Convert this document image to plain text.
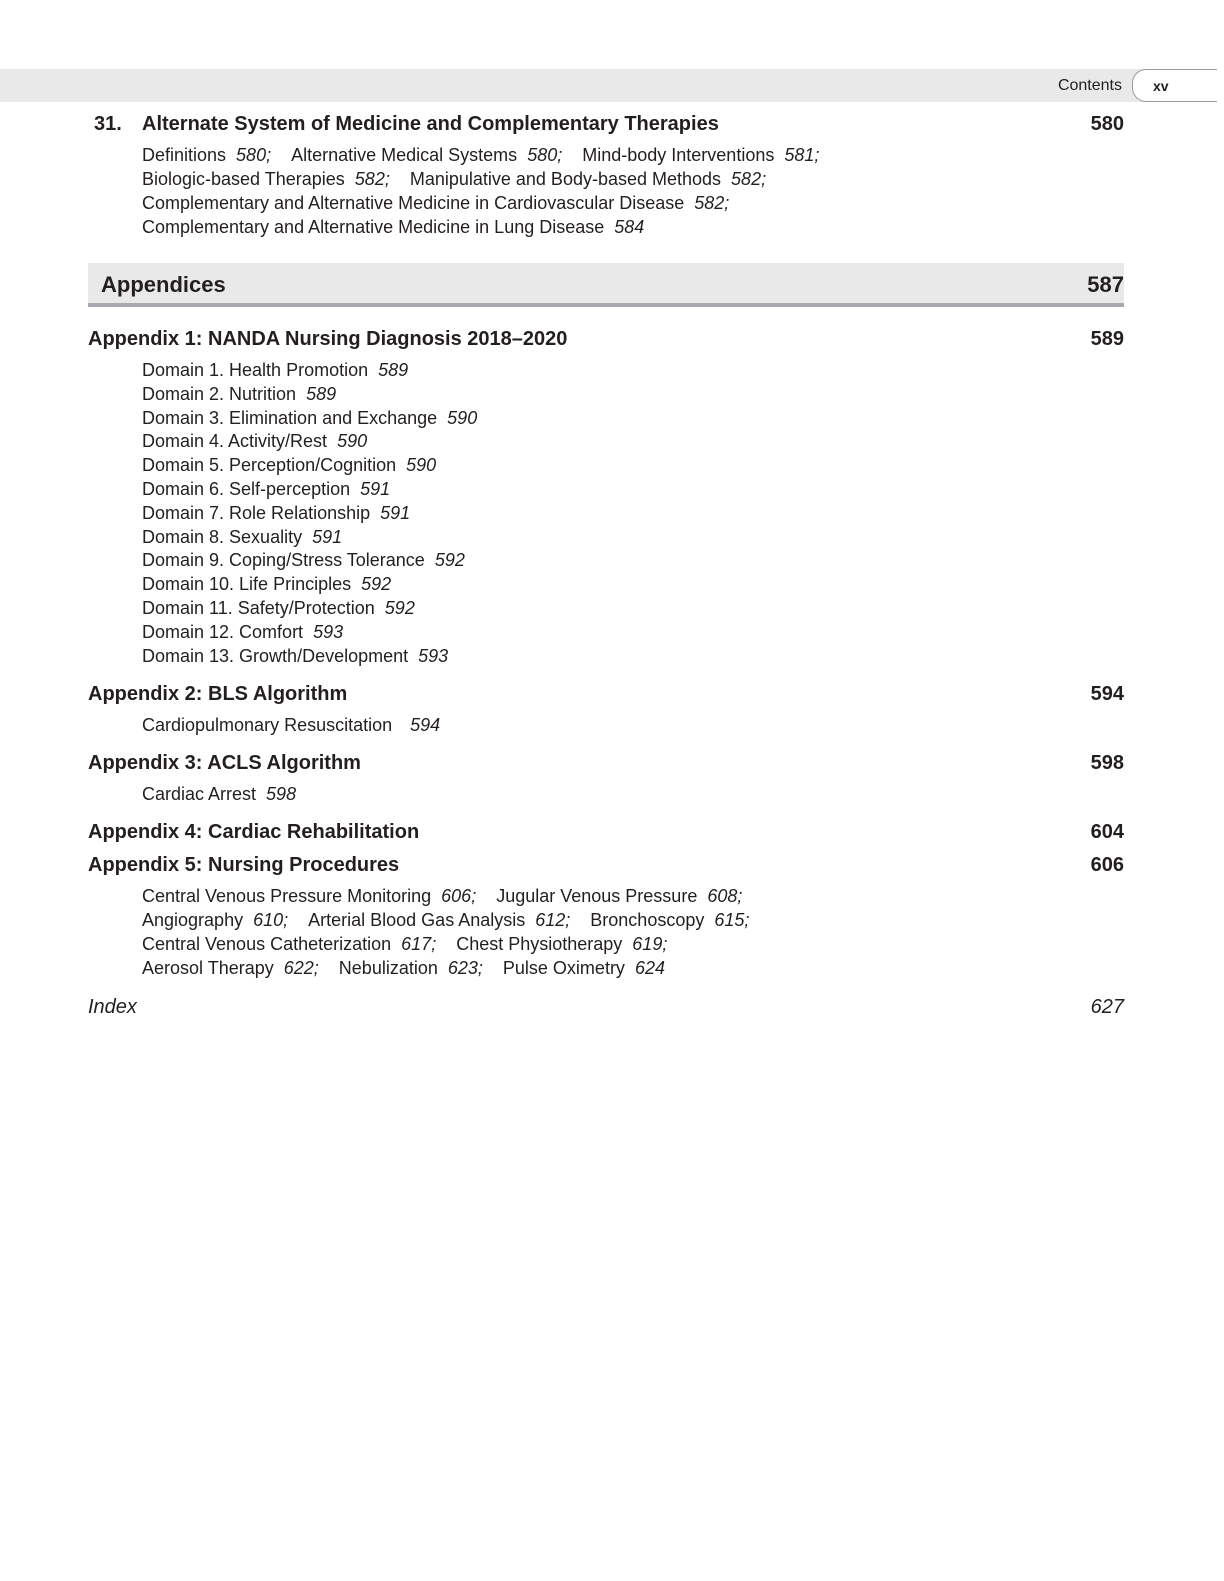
Contents xv
31. Alternate System of Medicine and Complementary Therapies	580
Definitions 580; Alternative Medical Systems 580; Mind-body Interventions 581;
Biologic-based Therapies 582; Manipulative and Body-based Methods 582;
Complementary and Alternative Medicine in Cardiovascular Disease 582;
Complementary and Alternative Medicine in Lung Disease 584
Appendices	587
Appendix 1: NANDA Nursing Diagnosis 2018–2020	589
Domain 1. Health Promotion 589
Domain 2. Nutrition 589
Domain 3. Elimination and Exchange 590
Domain 4. Activity/Rest 590
Domain 5. Perception/Cognition 590
Domain 6. Self-perception 591
Domain 7. Role Relationship 591
Domain 8. Sexuality 591
Domain 9. Coping/Stress Tolerance 592
Domain 10. Life Principles 592
Domain 11. Safety/Protection 592
Domain 12. Comfort 593
Domain 13. Growth/Development 593
Appendix 2: BLS Algorithm	594
Cardiopulmonary Resuscitation 594
Appendix 3: ACLS Algorithm	598
Cardiac Arrest 598
Appendix 4: Cardiac Rehabilitation	604
Appendix 5: Nursing Procedures	606
Central Venous Pressure Monitoring 606; Jugular Venous Pressure 608;
Angiography 610; Arterial Blood Gas Analysis 612; Bronchoscopy 615;
Central Venous Catheterization 617; Chest Physiotherapy 619;
Aerosol Therapy 622; Nebulization 623; Pulse Oximetry 624
Index	627
